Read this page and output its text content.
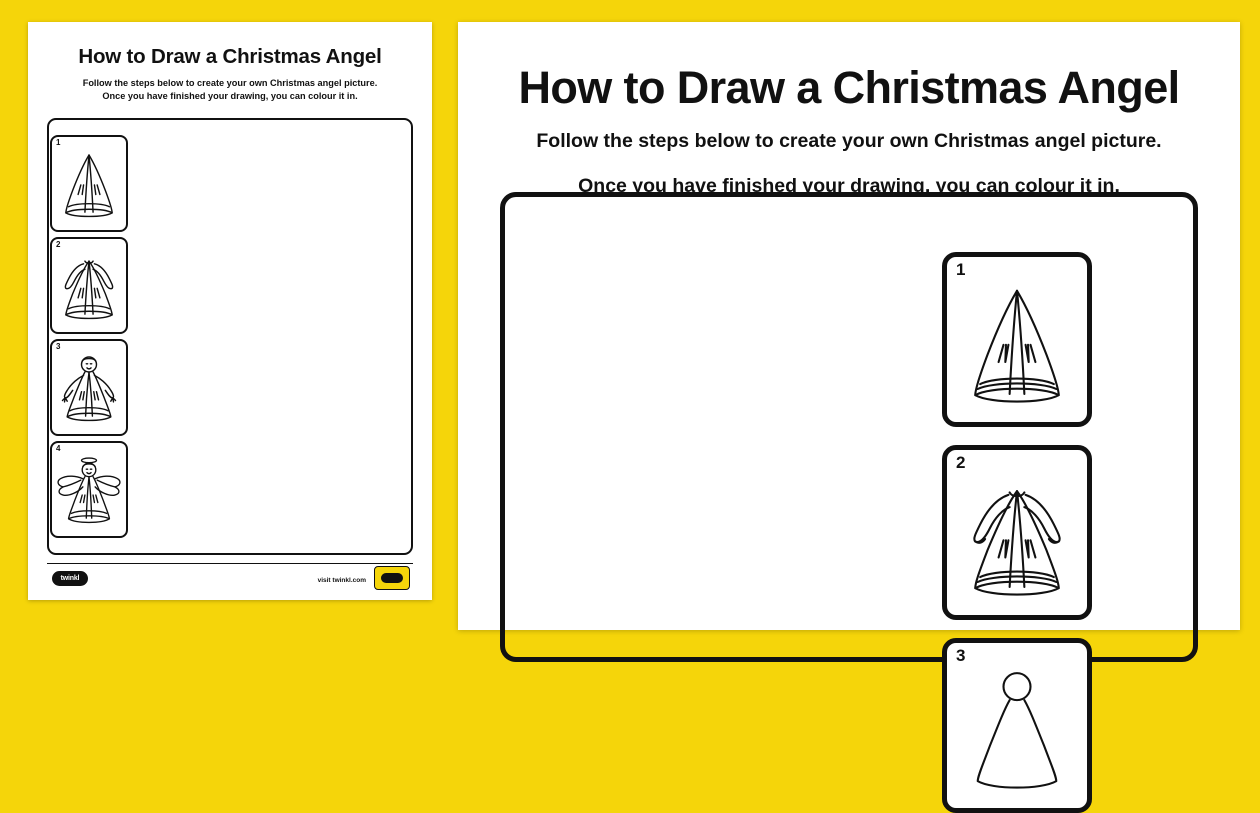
How to Draw a Christmas Angel
Follow the steps below to create your own Christmas angel picture.
Once you have finished your drawing, you can colour it in.
1
2
3
4
twinkl	visit twinkl.com
How to Draw a Christmas Angel
Follow the steps below to create your own Christmas angel picture.
Once you have finished your drawing, you can colour it in.
1
2
3
